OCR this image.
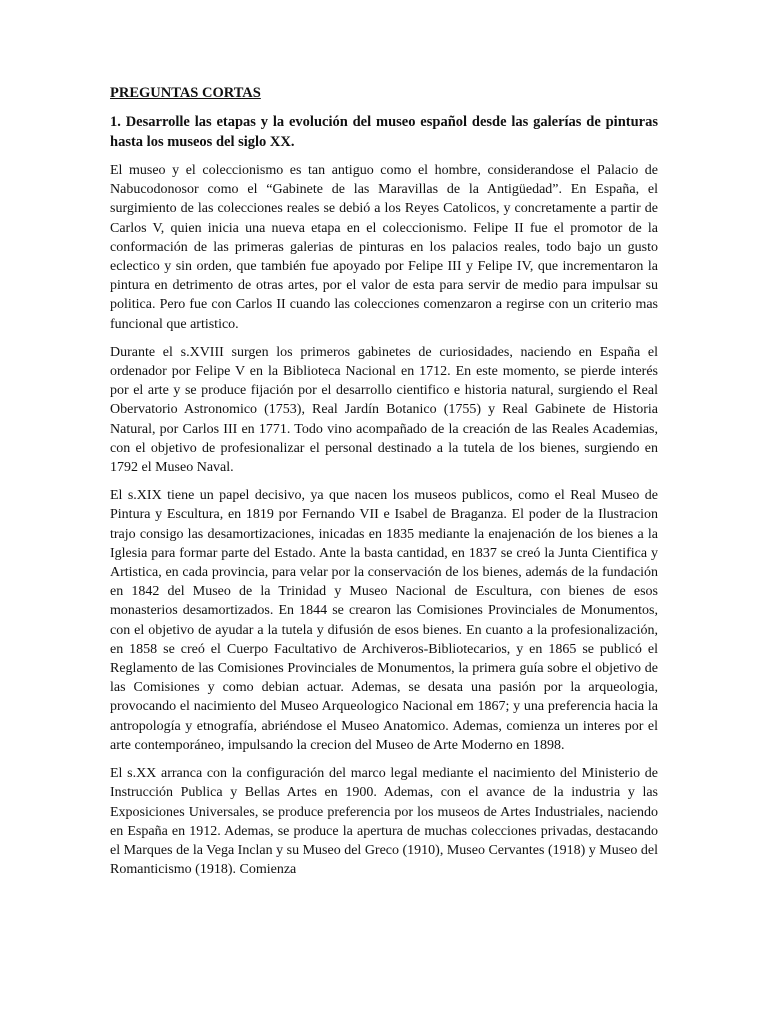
PREGUNTAS CORTAS
1. Desarrolle las etapas y la evolución del museo español desde las galerías de pinturas hasta los museos del siglo XX.

El museo y el coleccionismo es tan antiguo como el hombre, considerandose el Palacio de Nabucodonosor como el “Gabinete de las Maravillas de la Antigüedad”. En España, el surgimiento de las colecciones reales se debió a los Reyes Catolicos, y concretamente a partir de Carlos V, quien inicia una nueva etapa en el coleccionismo. Felipe II fue el promotor de la conformación de las primeras galerias de pinturas en los palacios reales, todo bajo un gusto eclectico y sin orden, que también fue apoyado por Felipe III y Felipe IV, que incrementaron la pintura en detrimento de otras artes, por el valor de esta para servir de medio para impulsar su politica. Pero fue con Carlos II cuando las colecciones comenzaron a regirse con un criterio mas funcional que artistico.

Durante el s.XVIII surgen los primeros gabinetes de curiosidades, naciendo en España el ordenador por Felipe V en la Biblioteca Nacional en 1712. En este momento, se pierde interés por el arte y se produce fijación por el desarrollo cientifico e historia natural, surgiendo el Real Obervatorio Astronomico (1753), Real Jardín Botanico (1755) y Real Gabinete de Historia Natural, por Carlos III en 1771. Todo vino acompañado de la creación de las Reales Academias, con el objetivo de profesionalizar el personal destinado a la tutela de los bienes, surgiendo en 1792 el Museo Naval.

El s.XIX tiene un papel decisivo, ya que nacen los museos publicos, como el Real Museo de Pintura y Escultura, en 1819 por Fernando VII e Isabel de Braganza. El poder de la Ilustracion trajo consigo las desamortizaciones, inicadas en 1835 mediante la enajenación de los bienes a la Iglesia para formar parte del Estado. Ante la basta cantidad, en 1837 se creó la Junta Cientifica y Artistica, en cada provincia, para velar por la conservación de los bienes, además de la fundación en 1842 del Museo de la Trinidad y Museo Nacional de Escultura, con bienes de esos monasterios desamortizados. En 1844 se crearon las Comisiones Provinciales de Monumentos, con el objetivo de ayudar a la tutela y difusión de esos bienes. En cuanto a la profesionalización, en 1858 se creó el Cuerpo Facultativo de Archiveros-Bibliotecarios, y en 1865 se publicó el Reglamento de las Comisiones Provinciales de Monumentos, la primera guía sobre el objetivo de las Comisiones y como debian actuar. Ademas, se desata una pasión por la arqueologia, provocando el nacimiento del Museo Arqueologico Nacional em 1867; y una preferencia hacia la antropología y etnografía, abriéndose el Museo Anatomico. Ademas, comienza un interes por el arte contemporáneo, impulsando la crecion del Museo de Arte Moderno en 1898.

El s.XX arranca con la configuración del marco legal mediante el nacimiento del Ministerio de Instrucción Publica y Bellas Artes en 1900. Ademas, con el avance de la industria y las Exposiciones Universales, se produce preferencia por los museos de Artes Industriales, naciendo en España en 1912. Ademas, se produce la apertura de muchas colecciones privadas, destacando el Marques de la Vega Inclan y su Museo del Greco (1910), Museo Cervantes (1918) y Museo del Romanticismo (1918). Comienza
